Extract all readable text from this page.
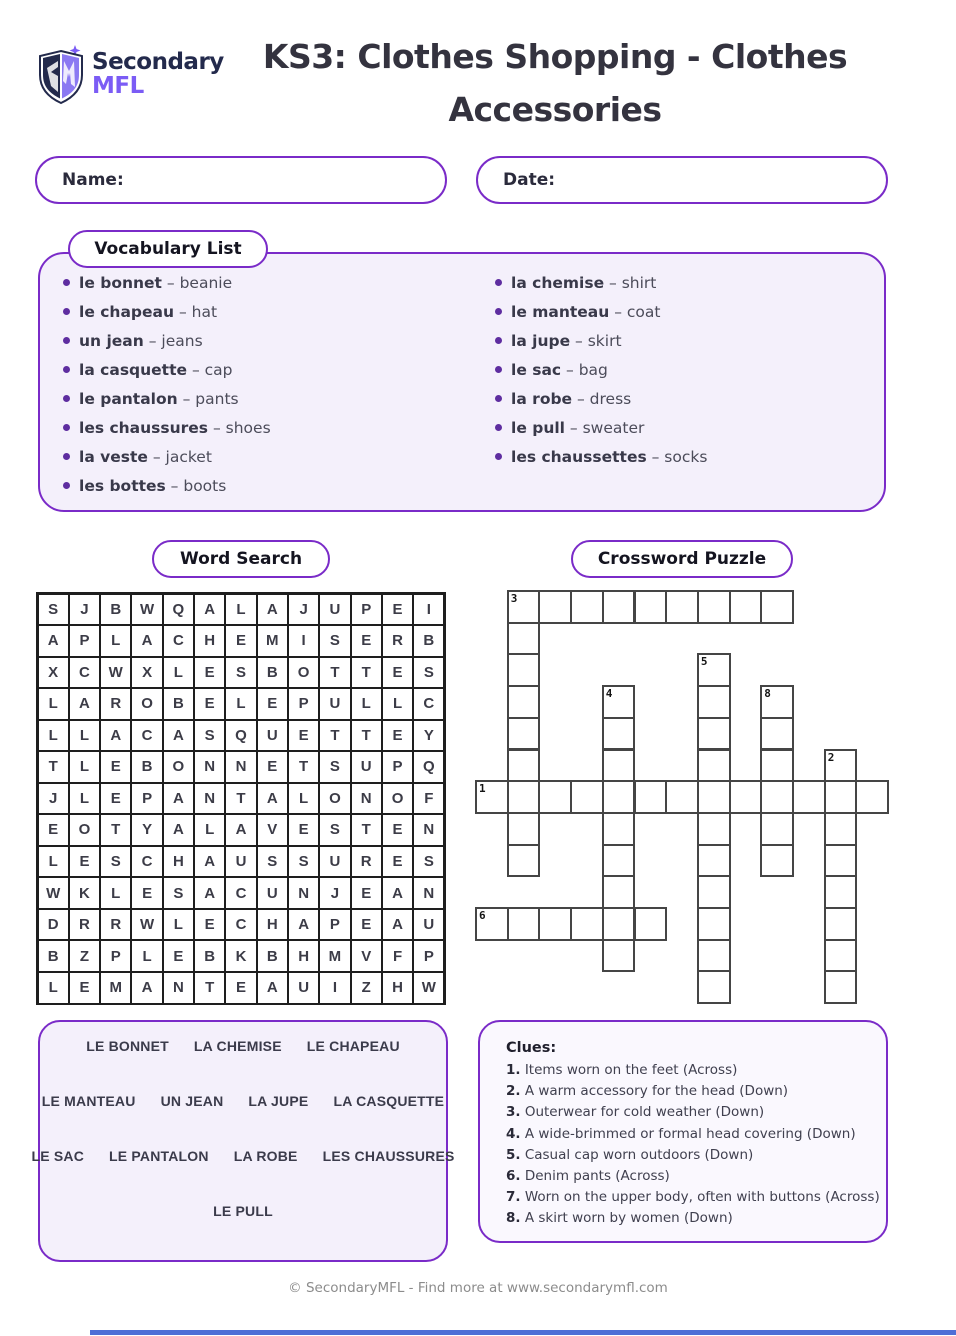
Secondary
MFL
KS3: Clothes Shopping - Clothes Accessories
Name:	Date:
Vocabulary List
le bonnet – beanie
le chapeau – hat
un jean – jeans
la casquette – cap
le pantalon – pants
les chaussures – shoes
la veste – jacket
les bottes – boots
la chemise – shirt
le manteau – coat
la jupe – skirt
le sac – bag
la robe – dress
le pull – sweater
les chaussettes – socks
Word Search	Crossword Puzzle
S	J	B	W	Q	A	L	A	J	U	P	E	I
A	P	L	A	C	H	E	M	I	S	E	R	B
X	C	W	X	L	E	S	B	O	T	T	E	S
L	A	R	O	B	E	L	E	P	U	L	L	C
L	L	A	C	A	S	Q	U	E	T	T	E	Y
T	L	E	B	O	N	N	E	T	S	U	P	Q
J	L	E	P	A	N	T	A	L	O	N	O	F
E	O	T	Y	A	L	A	V	E	S	T	E	N
L	E	S	C	H	A	U	S	S	U	R	E	S
W	K	L	E	S	A	C	U	N	J	E	A	N
D	R	R	W	L	E	C	H	A	P	E	A	U
B	Z	P	L	E	B	K	B	H	M	V	F	P
L	E	M	A	N	T	E	A	U	I	Z	H	W
3
5
4	8
2
1
6
LE BONNET LA CHEMISE LE CHAPEAU
LE MANTEAU UN JEAN LA JUPE LA CASQUETTE
LE SAC LE PANTALON LA ROBE LES CHAUSSURES
LE PULL
Clues:
1. Items worn on the feet (Across)
2. A warm accessory for the head (Down)
3. Outerwear for cold weather (Down)
4. A wide-brimmed or formal head covering (Down)
5. Casual cap worn outdoors (Down)
6. Denim pants (Across)
7. Worn on the upper body, often with buttons (Across)
8. A skirt worn by women (Down)
© SecondaryMFL - Find more at www.secondarymfl.com
